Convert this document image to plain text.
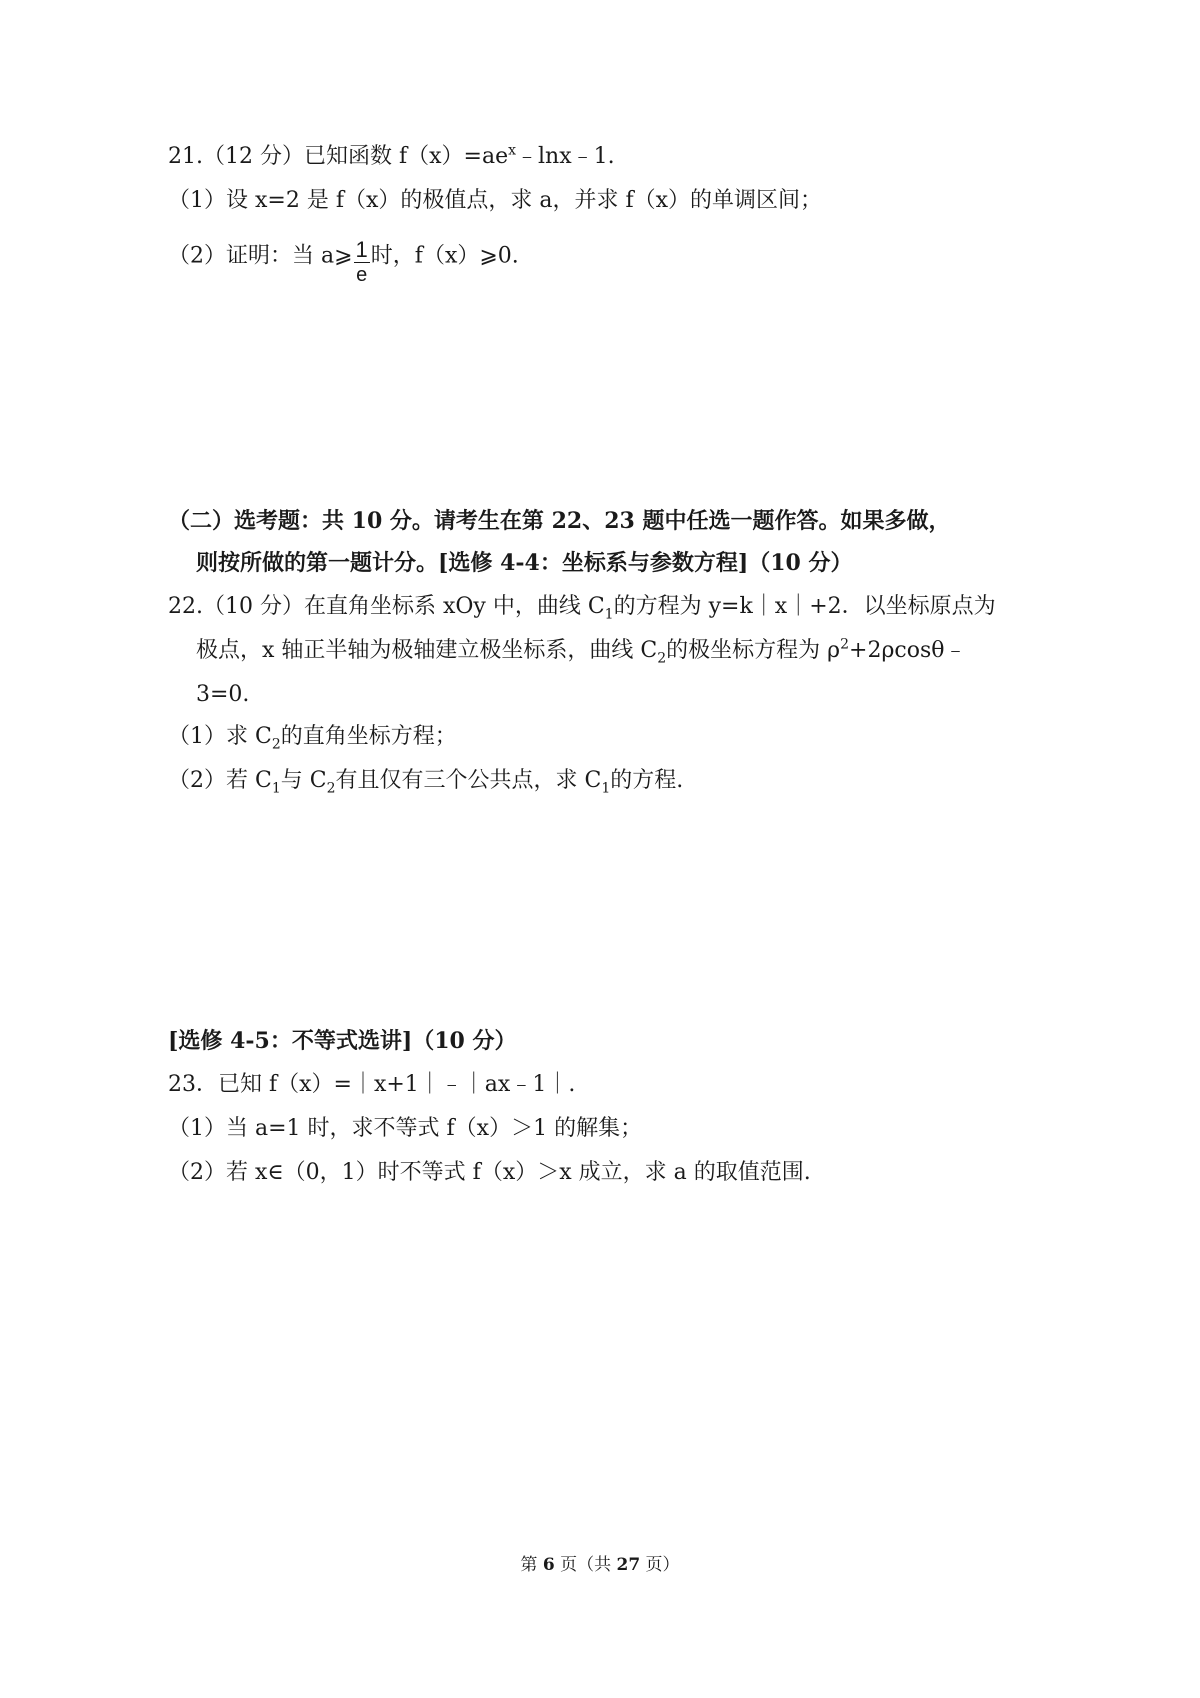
21.（12 分）已知函数 $f(x)=ae^x﹣\ln x﹣1$.
（1）设 x=2 是 f（x）的极值点，求 a，并求 f（x）的单调区间；
（2）证明：当 a⩾ $\frac{1}{e}$ 时，f（x）⩾0.
（二）选考题：共 10 分。请考生在第 22、23 题中任选一题作答。如果多做，
则按所做的第一题计分。[选修 4-4：坐标系与参数方程]（10 分）
22.（10 分）在直角坐标系 xOy 中，曲线 $C_1$的方程为 y=k｜x｜+2．以坐标原点为
极点，x 轴正半轴为极轴建立极坐标系，曲线 $C_2$的极坐标方程为 $\rho^2+2\rho\cos\theta﹣$
3=0.
（1）求 $C_2$的直角坐标方程；
（2）若 $C_1$与 $C_2$有且仅有三个公共点，求 $C_1$的方程.
[选修 4-5：不等式选讲]（10 分）
23．已知 f（x）=｜x+1｜﹣｜ax﹣1｜.
（1）当 a=1 时，求不等式 f（x）＞1 的解集；
（2）若 x∈（0，1）时不等式 f（x）＞x 成立，求 a 的取值范围.
第 6 页（共 27 页）
